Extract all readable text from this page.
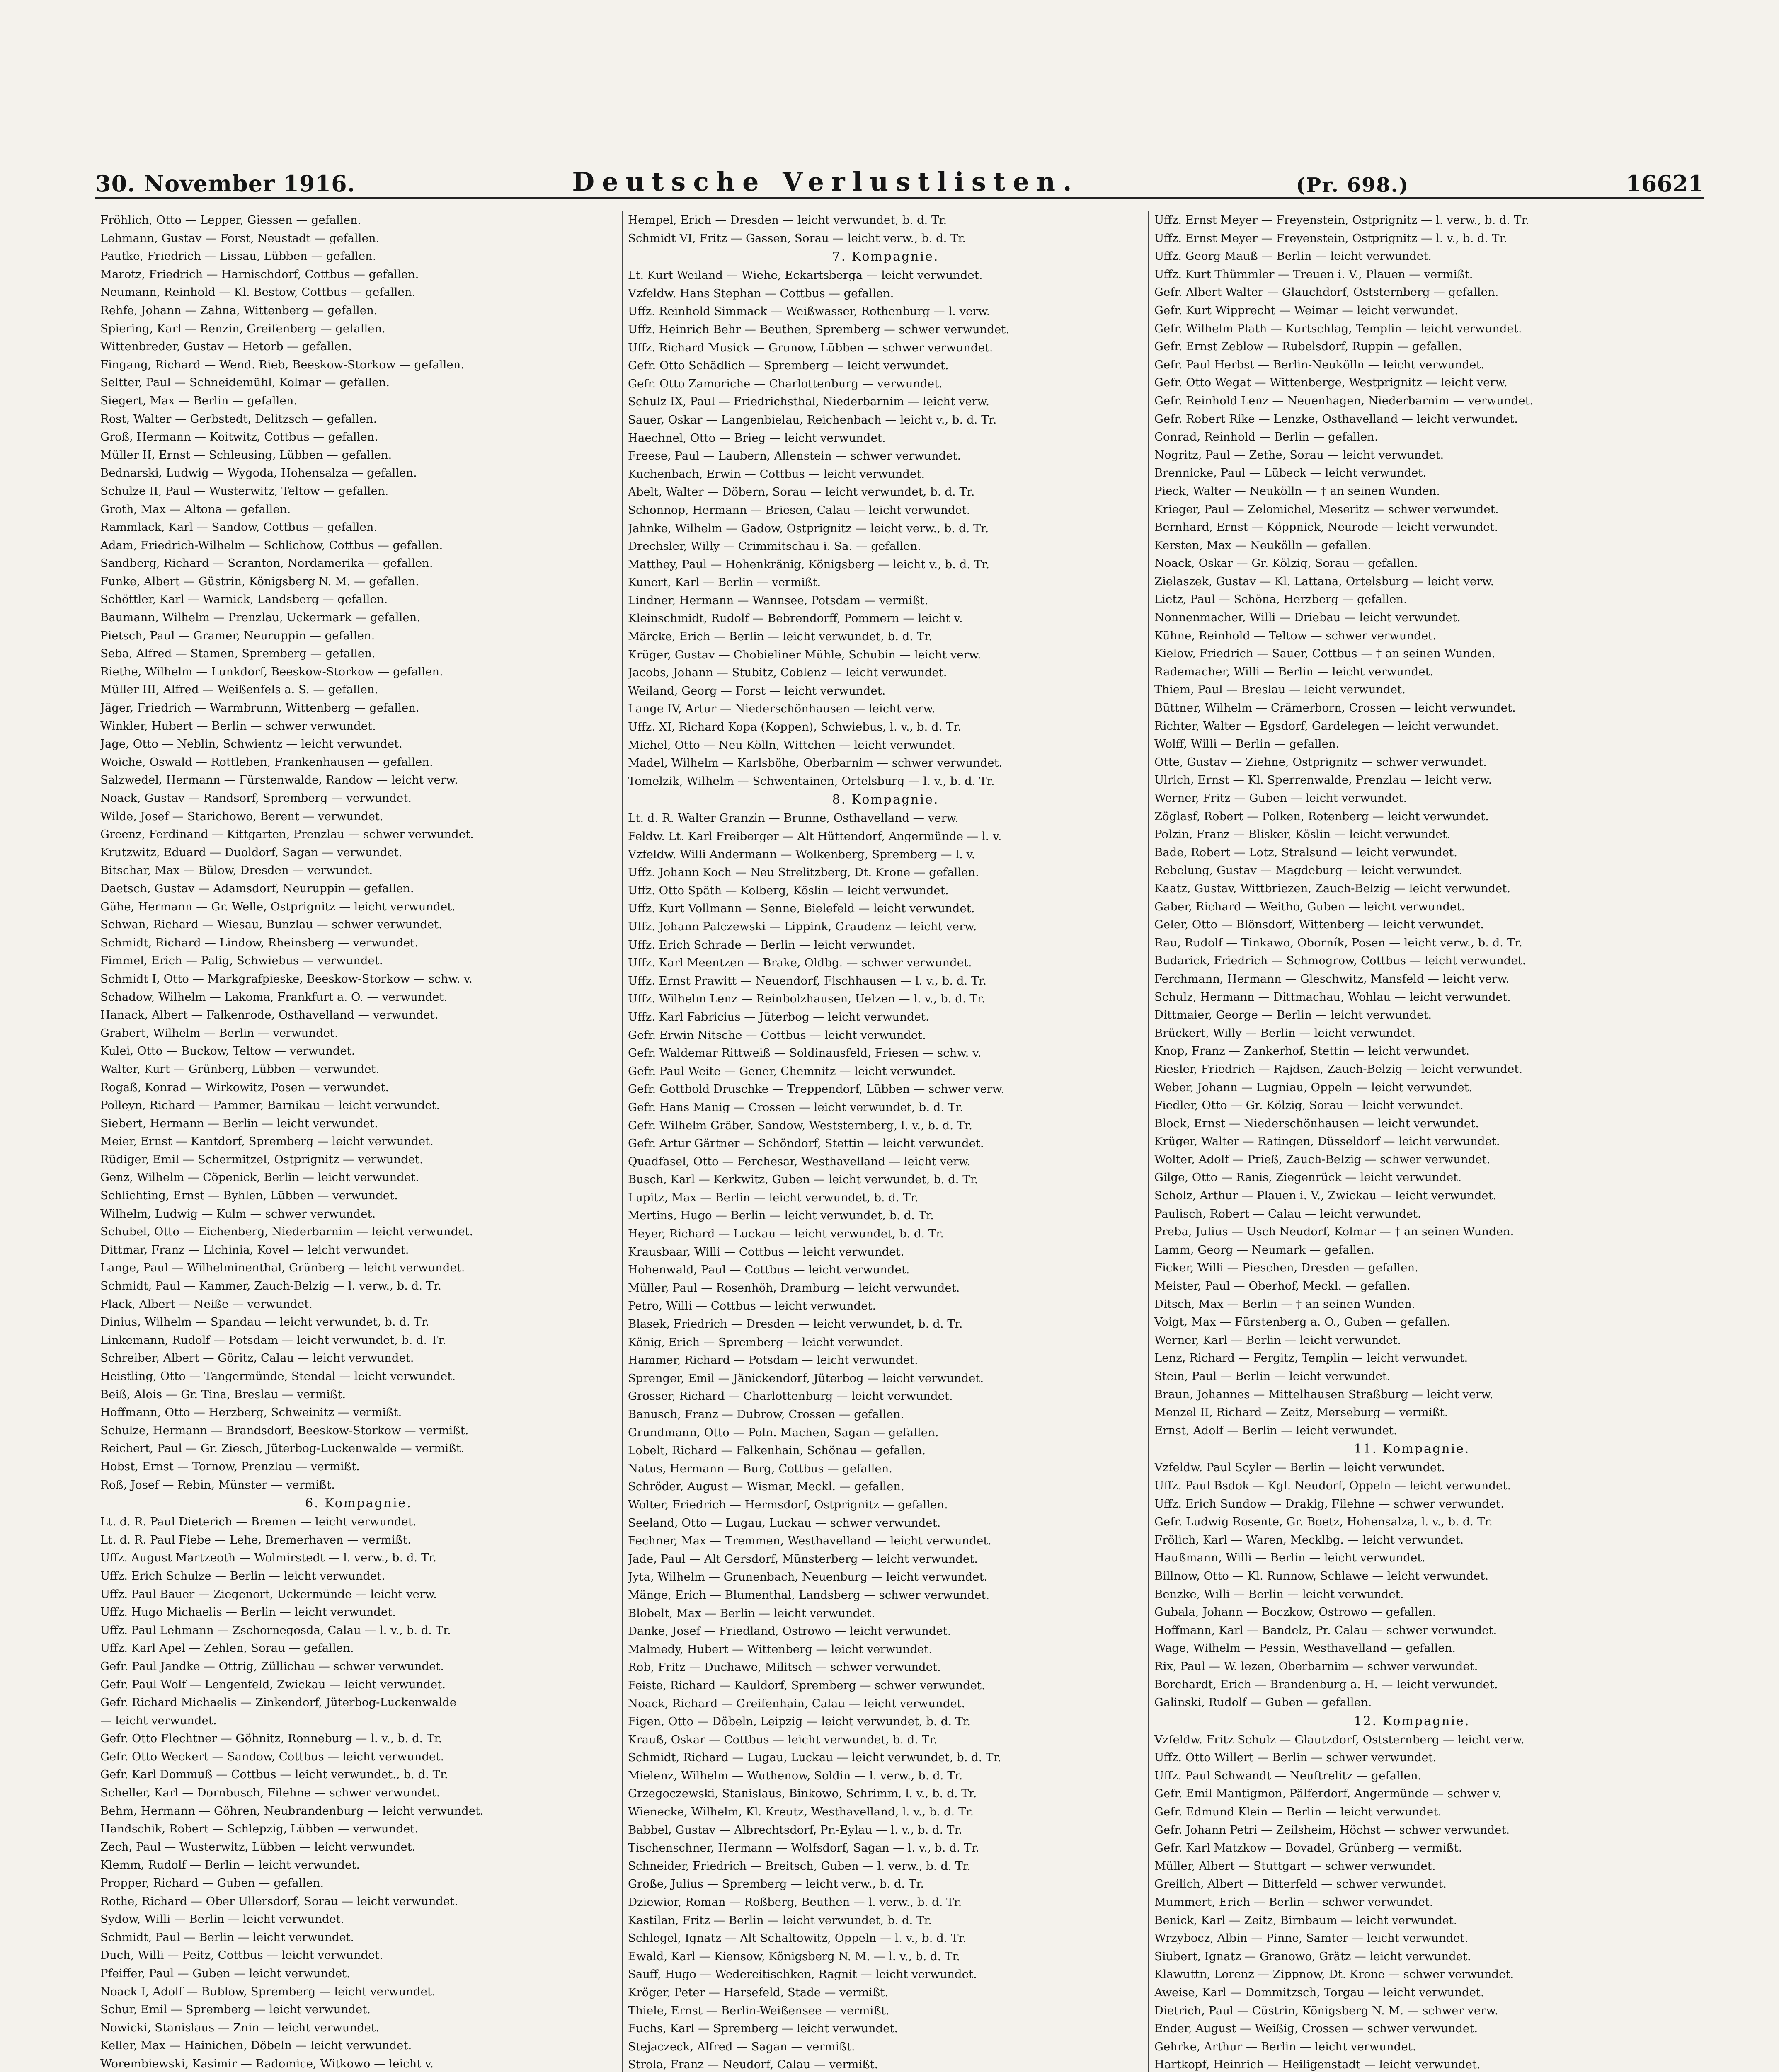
30. November 1916.	Deutsche Verlustlisten.	(Pr. 698.)	16621
Fröhlich, Otto — Lepper, Giessen — gefallen.
Lehmann, Gustav — Forst, Neustadt — gefallen.
Pautke, Friedrich — Lissau, Lübben — gefallen.
Marotz, Friedrich — Harnischdorf, Cottbus — gefallen.
Neumann, Reinhold — Kl. Bestow, Cottbus — gefallen.
Rehfe, Johann — Zahna, Wittenberg — gefallen.
Spiering, Karl — Renzin, Greifenberg — gefallen.
Wittenbreder, Gustav — Hetorb — gefallen.
Fingang, Richard — Wend. Rieb, Beeskow-Storkow — gefallen.
Seltter, Paul — Schneidemühl, Kolmar — gefallen.
Siegert, Max — Berlin — gefallen.
Rost, Walter — Gerbstedt, Delitzsch — gefallen.
Groß, Hermann — Koitwitz, Cottbus — gefallen.
Müller II, Ernst — Schleusing, Lübben — gefallen.
Bednarski, Ludwig — Wygoda, Hohensalza — gefallen.
Schulze II, Paul — Wusterwitz, Teltow — gefallen.
Groth, Max — Altona — gefallen.
Rammlack, Karl — Sandow, Cottbus — gefallen.
Adam, Friedrich-Wilhelm — Schlichow, Cottbus — gefallen.
Sandberg, Richard — Scranton, Nordamerika — gefallen.
Funke, Albert — Güstrin, Königsberg N. M. — gefallen.
Schöttler, Karl — Warnick, Landsberg — gefallen.
Baumann, Wilhelm — Prenzlau, Uckermark — gefallen.
Pietsch, Paul — Gramer, Neuruppin — gefallen.
Seba, Alfred — Stamen, Spremberg — gefallen.
Riethe, Wilhelm — Lunkdorf, Beeskow-Storkow — gefallen.
Müller III, Alfred — Weißenfels a. S. — gefallen.
Jäger, Friedrich — Warmbrunn, Wittenberg — gefallen.
Winkler, Hubert — Berlin — schwer verwundet.
Jage, Otto — Neblin, Schwientz — leicht verwundet.
Woiche, Oswald — Rottleben, Frankenhausen — gefallen.
Salzwedel, Hermann — Fürstenwalde, Randow — leicht verw.
Noack, Gustav — Randsorf, Spremberg — verwundet.
Wilde, Josef — Starichowo, Berent — verwundet.
Greenz, Ferdinand — Kittgarten, Prenzlau — schwer verwundet.
Krutzwitz, Eduard — Duoldorf, Sagan — verwundet.
Bitschar, Max — Bülow, Dresden — verwundet.
Daetsch, Gustav — Adamsdorf, Neuruppin — gefallen.
Gühe, Hermann — Gr. Welle, Ostprignitz — leicht verwundet.
Schwan, Richard — Wiesau, Bunzlau — schwer verwundet.
Schmidt, Richard — Lindow, Rheinsberg — verwundet.
Fimmel, Erich — Palig, Schwiebus — verwundet.
Schmidt I, Otto — Markgrafpieske, Beeskow-Storkow — schw. v.
Schadow, Wilhelm — Lakoma, Frankfurt a. O. — verwundet.
Hanack, Albert — Falkenrode, Osthavelland — verwundet.
Grabert, Wilhelm — Berlin — verwundet.
Kulei, Otto — Buckow, Teltow — verwundet.
Walter, Kurt — Grünberg, Lübben — verwundet.
Rogaß, Konrad — Wirkowitz, Posen — verwundet.
Polleyn, Richard — Pammer, Barnikau — leicht verwundet.
Siebert, Hermann — Berlin — leicht verwundet.
Meier, Ernst — Kantdorf, Spremberg — leicht verwundet.
Rüdiger, Emil — Schermitzel, Ostprignitz — verwundet.
Genz, Wilhelm — Cöpenick, Berlin — leicht verwundet.
Schlichting, Ernst — Byhlen, Lübben — verwundet.
Wilhelm, Ludwig — Kulm — schwer verwundet.
Schubel, Otto — Eichenberg, Niederbarnim — leicht verwundet.
Dittmar, Franz — Lichinia, Kovel — leicht verwundet.
Lange, Paul — Wilhelminenthal, Grünberg — leicht verwundet.
Schmidt, Paul — Kammer, Zauch-Belzig — l. verw., b. d. Tr.
Flack, Albert — Neiße — verwundet.
Dinius, Wilhelm — Spandau — leicht verwundet, b. d. Tr.
Linkemann, Rudolf — Potsdam — leicht verwundet, b. d. Tr.
Schreiber, Albert — Göritz, Calau — leicht verwundet.
Heistling, Otto — Tangermünde, Stendal — leicht verwundet.
Beiß, Alois — Gr. Tina, Breslau — vermißt.
Hoffmann, Otto — Herzberg, Schweinitz — vermißt.
Schulze, Hermann — Brandsdorf, Beeskow-Storkow — vermißt.
Reichert, Paul — Gr. Ziesch, Jüterbog-Luckenwalde — vermißt.
Hobst, Ernst — Tornow, Prenzlau — vermißt.
Roß, Josef — Rebin, Münster — vermißt.
6. Kompagnie.
Lt. d. R. Paul Dieterich — Bremen — leicht verwundet.
Lt. d. R. Paul Fiebe — Lehe, Bremerhaven — vermißt.
Uffz. August Martzeoth — Wolmirstedt — l. verw., b. d. Tr.
Uffz. Erich Schulze — Berlin — leicht verwundet.
Uffz. Paul Bauer — Ziegenort, Uckermünde — leicht verw.
Uffz. Hugo Michaelis — Berlin — leicht verwundet.
Uffz. Paul Lehmann — Zschornegosda, Calau — l. v., b. d. Tr.
Uffz. Karl Apel — Zehlen, Sorau — gefallen.
Gefr. Paul Jandke — Ottrig, Züllichau — schwer verwundet.
Gefr. Paul Wolf — Lengenfeld, Zwickau — leicht verwundet.
Gefr. Richard Michaelis — Zinkendorf, Jüterbog-Luckenwalde
— leicht verwundet.
Gefr. Otto Flechtner — Göhnitz, Ronneburg — l. v., b. d. Tr.
Gefr. Otto Weckert — Sandow, Cottbus — leicht verwundet.
Gefr. Karl Dommuß — Cottbus — leicht verwundet., b. d. Tr.
Scheller, Karl — Dornbusch, Filehne — schwer verwundet.
Behm, Hermann — Göhren, Neubrandenburg — leicht verwundet.
Handschik, Robert — Schlepzig, Lübben — verwundet.
Zech, Paul — Wusterwitz, Lübben — leicht verwundet.
Klemm, Rudolf — Berlin — leicht verwundet.
Propper, Richard — Guben — gefallen.
Rothe, Richard — Ober Ullersdorf, Sorau — leicht verwundet.
Sydow, Willi — Berlin — leicht verwundet.
Schmidt, Paul — Berlin — leicht verwundet.
Duch, Willi — Peitz, Cottbus — leicht verwundet.
Pfeiffer, Paul — Guben — leicht verwundet.
Noack I, Adolf — Bublow, Spremberg — leicht verwundet.
Schur, Emil — Spremberg — leicht verwundet.
Nowicki, Stanislaus — Znin — leicht verwundet.
Keller, Max — Hainichen, Döbeln — leicht verwundet.
Worembiewski, Kasimir — Radomice, Witkowo — leicht v.
Hempel, Erich — Dresden — leicht verwundet, b. d. Tr.
Schmidt VI, Fritz — Gassen, Sorau — leicht verw., b. d. Tr.
7. Kompagnie.
Lt. Kurt Weiland — Wiehe, Eckartsberga — leicht verwundet.
Vzfeldw. Hans Stephan — Cottbus — gefallen.
Uffz. Reinhold Simmack — Weißwasser, Rothenburg — l. verw.
Uffz. Heinrich Behr — Beuthen, Spremberg — schwer verwundet.
Uffz. Richard Musick — Grunow, Lübben — schwer verwundet.
Gefr. Otto Schädlich — Spremberg — leicht verwundet.
Gefr. Otto Zamoriche — Charlottenburg — verwundet.
Schulz IX, Paul — Friedrichsthal, Niederbarnim — leicht verw.
Sauer, Oskar — Langenbielau, Reichenbach — leicht v., b. d. Tr.
Haechnel, Otto — Brieg — leicht verwundet.
Freese, Paul — Laubern, Allenstein — schwer verwundet.
Kuchenbach, Erwin — Cottbus — leicht verwundet.
Abelt, Walter — Döbern, Sorau — leicht verwundet, b. d. Tr.
Schonnop, Hermann — Briesen, Calau — leicht verwundet.
Jahnke, Wilhelm — Gadow, Ostprignitz — leicht verw., b. d. Tr.
Drechsler, Willy — Crimmitschau i. Sa. — gefallen.
Matthey, Paul — Hohenkränig, Königsberg — leicht v., b. d. Tr.
Kunert, Karl — Berlin — vermißt.
Lindner, Hermann — Wannsee, Potsdam — vermißt.
Kleinschmidt, Rudolf — Bebrendorff, Pommern — leicht v.
Märcke, Erich — Berlin — leicht verwundet, b. d. Tr.
Krüger, Gustav — Chobieliner Mühle, Schubin — leicht verw.
Jacobs, Johann — Stubitz, Coblenz — leicht verwundet.
Weiland, Georg — Forst — leicht verwundet.
Lange IV, Artur — Niederschönhausen — leicht verw.
Uffz. XI, Richard Kopa (Koppen), Schwiebus, l. v., b. d. Tr.
Michel, Otto — Neu Kölln, Wittchen — leicht verwundet.
Madel, Wilhelm — Karlsböhe, Oberbarnim — schwer verwundet.
Tomelzik, Wilhelm — Schwentainen, Ortelsburg — l. v., b. d. Tr.
8. Kompagnie.
Lt. d. R. Walter Granzin — Brunne, Osthavelland — verw.
Feldw. Lt. Karl Freiberger — Alt Hüttendorf, Angermünde — l. v.
Vzfeldw. Willi Andermann — Wolkenberg, Spremberg — l. v.
Uffz. Johann Koch — Neu Strelitzberg, Dt. Krone — gefallen.
Uffz. Otto Späth — Kolberg, Köslin — leicht verwundet.
Uffz. Kurt Vollmann — Senne, Bielefeld — leicht verwundet.
Uffz. Johann Palczewski — Lippink, Graudenz — leicht verw.
Uffz. Erich Schrade — Berlin — leicht verwundet.
Uffz. Karl Meentzen — Brake, Oldbg. — schwer verwundet.
Uffz. Ernst Prawitt — Neuendorf, Fischhausen — l. v., b. d. Tr.
Uffz. Wilhelm Lenz — Reinbolzhausen, Uelzen — l. v., b. d. Tr.
Uffz. Karl Fabricius — Jüterbog — leicht verwundet.
Gefr. Erwin Nitsche — Cottbus — leicht verwundet.
Gefr. Waldemar Rittweiß — Soldinausfeld, Friesen — schw. v.
Gefr. Paul Weite — Gener, Chemnitz — leicht verwundet.
Gefr. Gottbold Druschke — Treppendorf, Lübben — schwer verw.
Gefr. Hans Manig — Crossen — leicht verwundet, b. d. Tr.
Gefr. Wilhelm Gräber, Sandow, Weststernberg, l. v., b. d. Tr.
Gefr. Artur Gärtner — Schöndorf, Stettin — leicht verwundet.
Quadfasel, Otto — Ferchesar, Westhavelland — leicht verw.
Busch, Karl — Kerkwitz, Guben — leicht verwundet, b. d. Tr.
Lupitz, Max — Berlin — leicht verwundet, b. d. Tr.
Mertins, Hugo — Berlin — leicht verwundet, b. d. Tr.
Heyer, Richard — Luckau — leicht verwundet, b. d. Tr.
Krausbaar, Willi — Cottbus — leicht verwundet.
Hohenwald, Paul — Cottbus — leicht verwundet.
Müller, Paul — Rosenhöh, Dramburg — leicht verwundet.
Petro, Willi — Cottbus — leicht verwundet.
Blasek, Friedrich — Dresden — leicht verwundet, b. d. Tr.
König, Erich — Spremberg — leicht verwundet.
Hammer, Richard — Potsdam — leicht verwundet.
Sprenger, Emil — Jänickendorf, Jüterbog — leicht verwundet.
Grosser, Richard — Charlottenburg — leicht verwundet.
Banusch, Franz — Dubrow, Crossen — gefallen.
Grundmann, Otto — Poln. Machen, Sagan — gefallen.
Lobelt, Richard — Falkenhain, Schönau — gefallen.
Natus, Hermann — Burg, Cottbus — gefallen.
Schröder, August — Wismar, Meckl. — gefallen.
Wolter, Friedrich — Hermsdorf, Ostprignitz — gefallen.
Seeland, Otto — Lugau, Luckau — schwer verwundet.
Fechner, Max — Tremmen, Westhavelland — leicht verwundet.
Jade, Paul — Alt Gersdorf, Münsterberg — leicht verwundet.
Jyta, Wilhelm — Grunenbach, Neuenburg — leicht verwundet.
Mänge, Erich — Blumenthal, Landsberg — schwer verwundet.
Blobelt, Max — Berlin — leicht verwundet.
Danke, Josef — Friedland, Ostrowo — leicht verwundet.
Malmedy, Hubert — Wittenberg — leicht verwundet.
Rob, Fritz — Duchawe, Militsch — schwer verwundet.
Feiste, Richard — Kauldorf, Spremberg — schwer verwundet.
Noack, Richard — Greifenhain, Calau — leicht verwundet.
Figen, Otto — Döbeln, Leipzig — leicht verwundet, b. d. Tr.
Krauß, Oskar — Cottbus — leicht verwundet, b. d. Tr.
Schmidt, Richard — Lugau, Luckau — leicht verwundet, b. d. Tr.
Mielenz, Wilhelm — Wuthenow, Soldin — l. verw., b. d. Tr.
Grzegoczewski, Stanislaus, Binkowo, Schrimm, l. v., b. d. Tr.
Wienecke, Wilhelm, Kl. Kreutz, Westhavelland, l. v., b. d. Tr.
Babbel, Gustav — Albrechtsdorf, Pr.-Eylau — l. v., b. d. Tr.
Tischenschner, Hermann — Wolfsdorf, Sagan — l. v., b. d. Tr.
Schneider, Friedrich — Breitsch, Guben — l. verw., b. d. Tr.
Große, Julius — Spremberg — leicht verw., b. d. Tr.
Dziewior, Roman — Roßberg, Beuthen — l. verw., b. d. Tr.
Kastilan, Fritz — Berlin — leicht verwundet, b. d. Tr.
Schlegel, Ignatz — Alt Schaltowitz, Oppeln — l. v., b. d. Tr.
Ewald, Karl — Kiensow, Königsberg N. M. — l. v., b. d. Tr.
Sauff, Hugo — Wedereitischken, Ragnit — leicht verwundet.
Kröger, Peter — Harsefeld, Stade — vermißt.
Thiele, Ernst — Berlin-Weißensee — vermißt.
Fuchs, Karl — Spremberg — leicht verwundet.
Stejaczeck, Alfred — Sagan — vermißt.
Strola, Franz — Neudorf, Calau — vermißt.
Uffz. Ernst Meyer — Freyenstein, Ostprignitz — l. verw., b. d. Tr.
Uffz. Ernst Meyer — Freyenstein, Ostprignitz — l. v., b. d. Tr.
Uffz. Georg Mauß — Berlin — leicht verwundet.
Uffz. Kurt Thümmler — Treuen i. V., Plauen — vermißt.
Gefr. Albert Walter — Glauchdorf, Oststernberg — gefallen.
Gefr. Kurt Wipprecht — Weimar — leicht verwundet.
Gefr. Wilhelm Plath — Kurtschlag, Templin — leicht verwundet.
Gefr. Ernst Zeblow — Rubelsdorf, Ruppin — gefallen.
Gefr. Paul Herbst — Berlin-Neukölln — leicht verwundet.
Gefr. Otto Wegat — Wittenberge, Westprignitz — leicht verw.
Gefr. Reinhold Lenz — Neuenhagen, Niederbarnim — verwundet.
Gefr. Robert Rike — Lenzke, Osthavelland — leicht verwundet.
Conrad, Reinhold — Berlin — gefallen.
Nogritz, Paul — Zethe, Sorau — leicht verwundet.
Brennicke, Paul — Lübeck — leicht verwundet.
Pieck, Walter — Neukölln — † an seinen Wunden.
Krieger, Paul — Zelomichel, Meseritz — schwer verwundet.
Bernhard, Ernst — Köppnick, Neurode — leicht verwundet.
Kersten, Max — Neukölln — gefallen.
Noack, Oskar — Gr. Kölzig, Sorau — gefallen.
Zielaszek, Gustav — Kl. Lattana, Ortelsburg — leicht verw.
Lietz, Paul — Schöna, Herzberg — gefallen.
Nonnenmacher, Willi — Driebau — leicht verwundet.
Kühne, Reinhold — Teltow — schwer verwundet.
Kielow, Friedrich — Sauer, Cottbus — † an seinen Wunden.
Rademacher, Willi — Berlin — leicht verwundet.
Thiem, Paul — Breslau — leicht verwundet.
Büttner, Wilhelm — Crämerborn, Crossen — leicht verwundet.
Richter, Walter — Egsdorf, Gardelegen — leicht verwundet.
Wolff, Willi — Berlin — gefallen.
Otte, Gustav — Ziehne, Ostprignitz — schwer verwundet.
Ulrich, Ernst — Kl. Sperrenwalde, Prenzlau — leicht verw.
Werner, Fritz — Guben — leicht verwundet.
Zöglasf, Robert — Polken, Rotenberg — leicht verwundet.
Polzin, Franz — Blisker, Köslin — leicht verwundet.
Bade, Robert — Lotz, Stralsund — leicht verwundet.
Rebelung, Gustav — Magdeburg — leicht verwundet.
Kaatz, Gustav, Wittbriezen, Zauch-Belzig — leicht verwundet.
Gaber, Richard — Weitho, Guben — leicht verwundet.
Geler, Otto — Blönsdorf, Wittenberg — leicht verwundet.
Rau, Rudolf — Tinkawo, Oborník, Posen — leicht verw., b. d. Tr.
Budarick, Friedrich — Schmogrow, Cottbus — leicht verwundet.
Ferchmann, Hermann — Gleschwitz, Mansfeld — leicht verw.
Schulz, Hermann — Dittmachau, Wohlau — leicht verwundet.
Dittmaier, George — Berlin — leicht verwundet.
Brückert, Willy — Berlin — leicht verwundet.
Knop, Franz — Zankerhof, Stettin — leicht verwundet.
Riesler, Friedrich — Rajdsen, Zauch-Belzig — leicht verwundet.
Weber, Johann — Lugniau, Oppeln — leicht verwundet.
Fiedler, Otto — Gr. Kölzig, Sorau — leicht verwundet.
Block, Ernst — Niederschönhausen — leicht verwundet.
Krüger, Walter — Ratingen, Düsseldorf — leicht verwundet.
Wolter, Adolf — Prieß, Zauch-Belzig — schwer verwundet.
Gilge, Otto — Ranis, Ziegenrück — leicht verwundet.
Scholz, Arthur — Plauen i. V., Zwickau — leicht verwundet.
Paulisch, Robert — Calau — leicht verwundet.
Preba, Julius — Usch Neudorf, Kolmar — † an seinen Wunden.
Lamm, Georg — Neumark — gefallen.
Ficker, Willi — Pieschen, Dresden — gefallen.
Meister, Paul — Oberhof, Meckl. — gefallen.
Ditsch, Max — Berlin — † an seinen Wunden.
Voigt, Max — Fürstenberg a. O., Guben — gefallen.
Werner, Karl — Berlin — leicht verwundet.
Lenz, Richard — Fergitz, Templin — leicht verwundet.
Stein, Paul — Berlin — leicht verwundet.
Braun, Johannes — Mittelhausen Straßburg — leicht verw.
Menzel II, Richard — Zeitz, Merseburg — vermißt.
Ernst, Adolf — Berlin — leicht verwundet.
11. Kompagnie.
Vzfeldw. Paul Scyler — Berlin — leicht verwundet.
Uffz. Paul Bsdok — Kgl. Neudorf, Oppeln — leicht verwundet.
Uffz. Erich Sundow — Drakig, Filehne — schwer verwundet.
Gefr. Ludwig Rosente, Gr. Boetz, Hohensalza, l. v., b. d. Tr.
Frölich, Karl — Waren, Mecklbg. — leicht verwundet.
Haußmann, Willi — Berlin — leicht verwundet.
Billnow, Otto — Kl. Runnow, Schlawe — leicht verwundet.
Benzke, Willi — Berlin — leicht verwundet.
Gubala, Johann — Boczkow, Ostrowo — gefallen.
Hoffmann, Karl — Bandelz, Pr. Calau — schwer verwundet.
Wage, Wilhelm — Pessin, Westhavelland — gefallen.
Rix, Paul — W. lezen, Oberbarnim — schwer verwundet.
Borchardt, Erich — Brandenburg a. H. — leicht verwundet.
Galinski, Rudolf — Guben — gefallen.
12. Kompagnie.
Vzfeldw. Fritz Schulz — Glautzdorf, Oststernberg — leicht verw.
Uffz. Otto Willert — Berlin — schwer verwundet.
Uffz. Paul Schwandt — Neuftrelitz — gefallen.
Gefr. Emil Mantigmon, Pälferdorf, Angermünde — schwer v.
Gefr. Edmund Klein — Berlin — leicht verwundet.
Gefr. Johann Petri — Zeilsheim, Höchst — schwer verwundet.
Gefr. Karl Matzkow — Bovadel, Grünberg — vermißt.
Müller, Albert — Stuttgart — schwer verwundet.
Greilich, Albert — Bitterfeld — schwer verwundet.
Mummert, Erich — Berlin — schwer verwundet.
Benick, Karl — Zeitz, Birnbaum — leicht verwundet.
Wrzybocz, Albin — Pinne, Samter — leicht verwundet.
Siubert, Ignatz — Granowo, Grätz — leicht verwundet.
Klawuttn, Lorenz — Zippnow, Dt. Krone — schwer verwundet.
Aweise, Karl — Dommitzsch, Torgau — leicht verwundet.
Dietrich, Paul — Cüstrin, Königsberg N. M. — schwer verw.
Ender, August — Weißig, Crossen — schwer verwundet.
Gehrke, Arthur — Berlin — leicht verwundet.
Hartkopf, Heinrich — Heiligenstadt — leicht verwundet.
